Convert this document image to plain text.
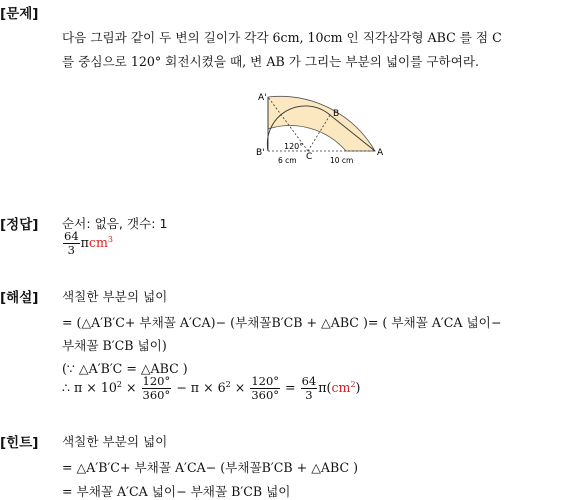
[문제]
다음 그림과 같이 두 변의 길이가 각각 6cm, 10cm 인 직각삼각형 ABC 를 점 C
를 중심으로 120° 회전시켰을 때, 변 AB 가 그리는 부분의 넓이를 구하여라.
A'
B
120°
B'	C	A
6 cm	10 cm
[정답] 순서: 없음, 갯수: 1
$\frac{64}{3} \pi cm^3$
[해설] 색칠한 부분의 넓이
= (△A′B′C+ 부채꼴 A′CA)− (부채꼴B′CB + △ABC )= ( 부채꼴 A′CA 넓이−
부채꼴 B′CB 넓이)
(∵ △A′B′C = △ABC )
∴ $\pi \times 10^2 \times \frac{120^\circ}{360^\circ} - \pi \times 6^2 \times \frac{120^\circ}{360^\circ} = \frac{64}{3} \pi(cm^2)$
[힌트] 색칠한 부분의 넓이
= △A′B′C+ 부채꼴 A′CA− (부채꼴B′CB + △ABC )
= 부채꼴 A′CA 넓이− 부채꼴 B′CB 넓이
